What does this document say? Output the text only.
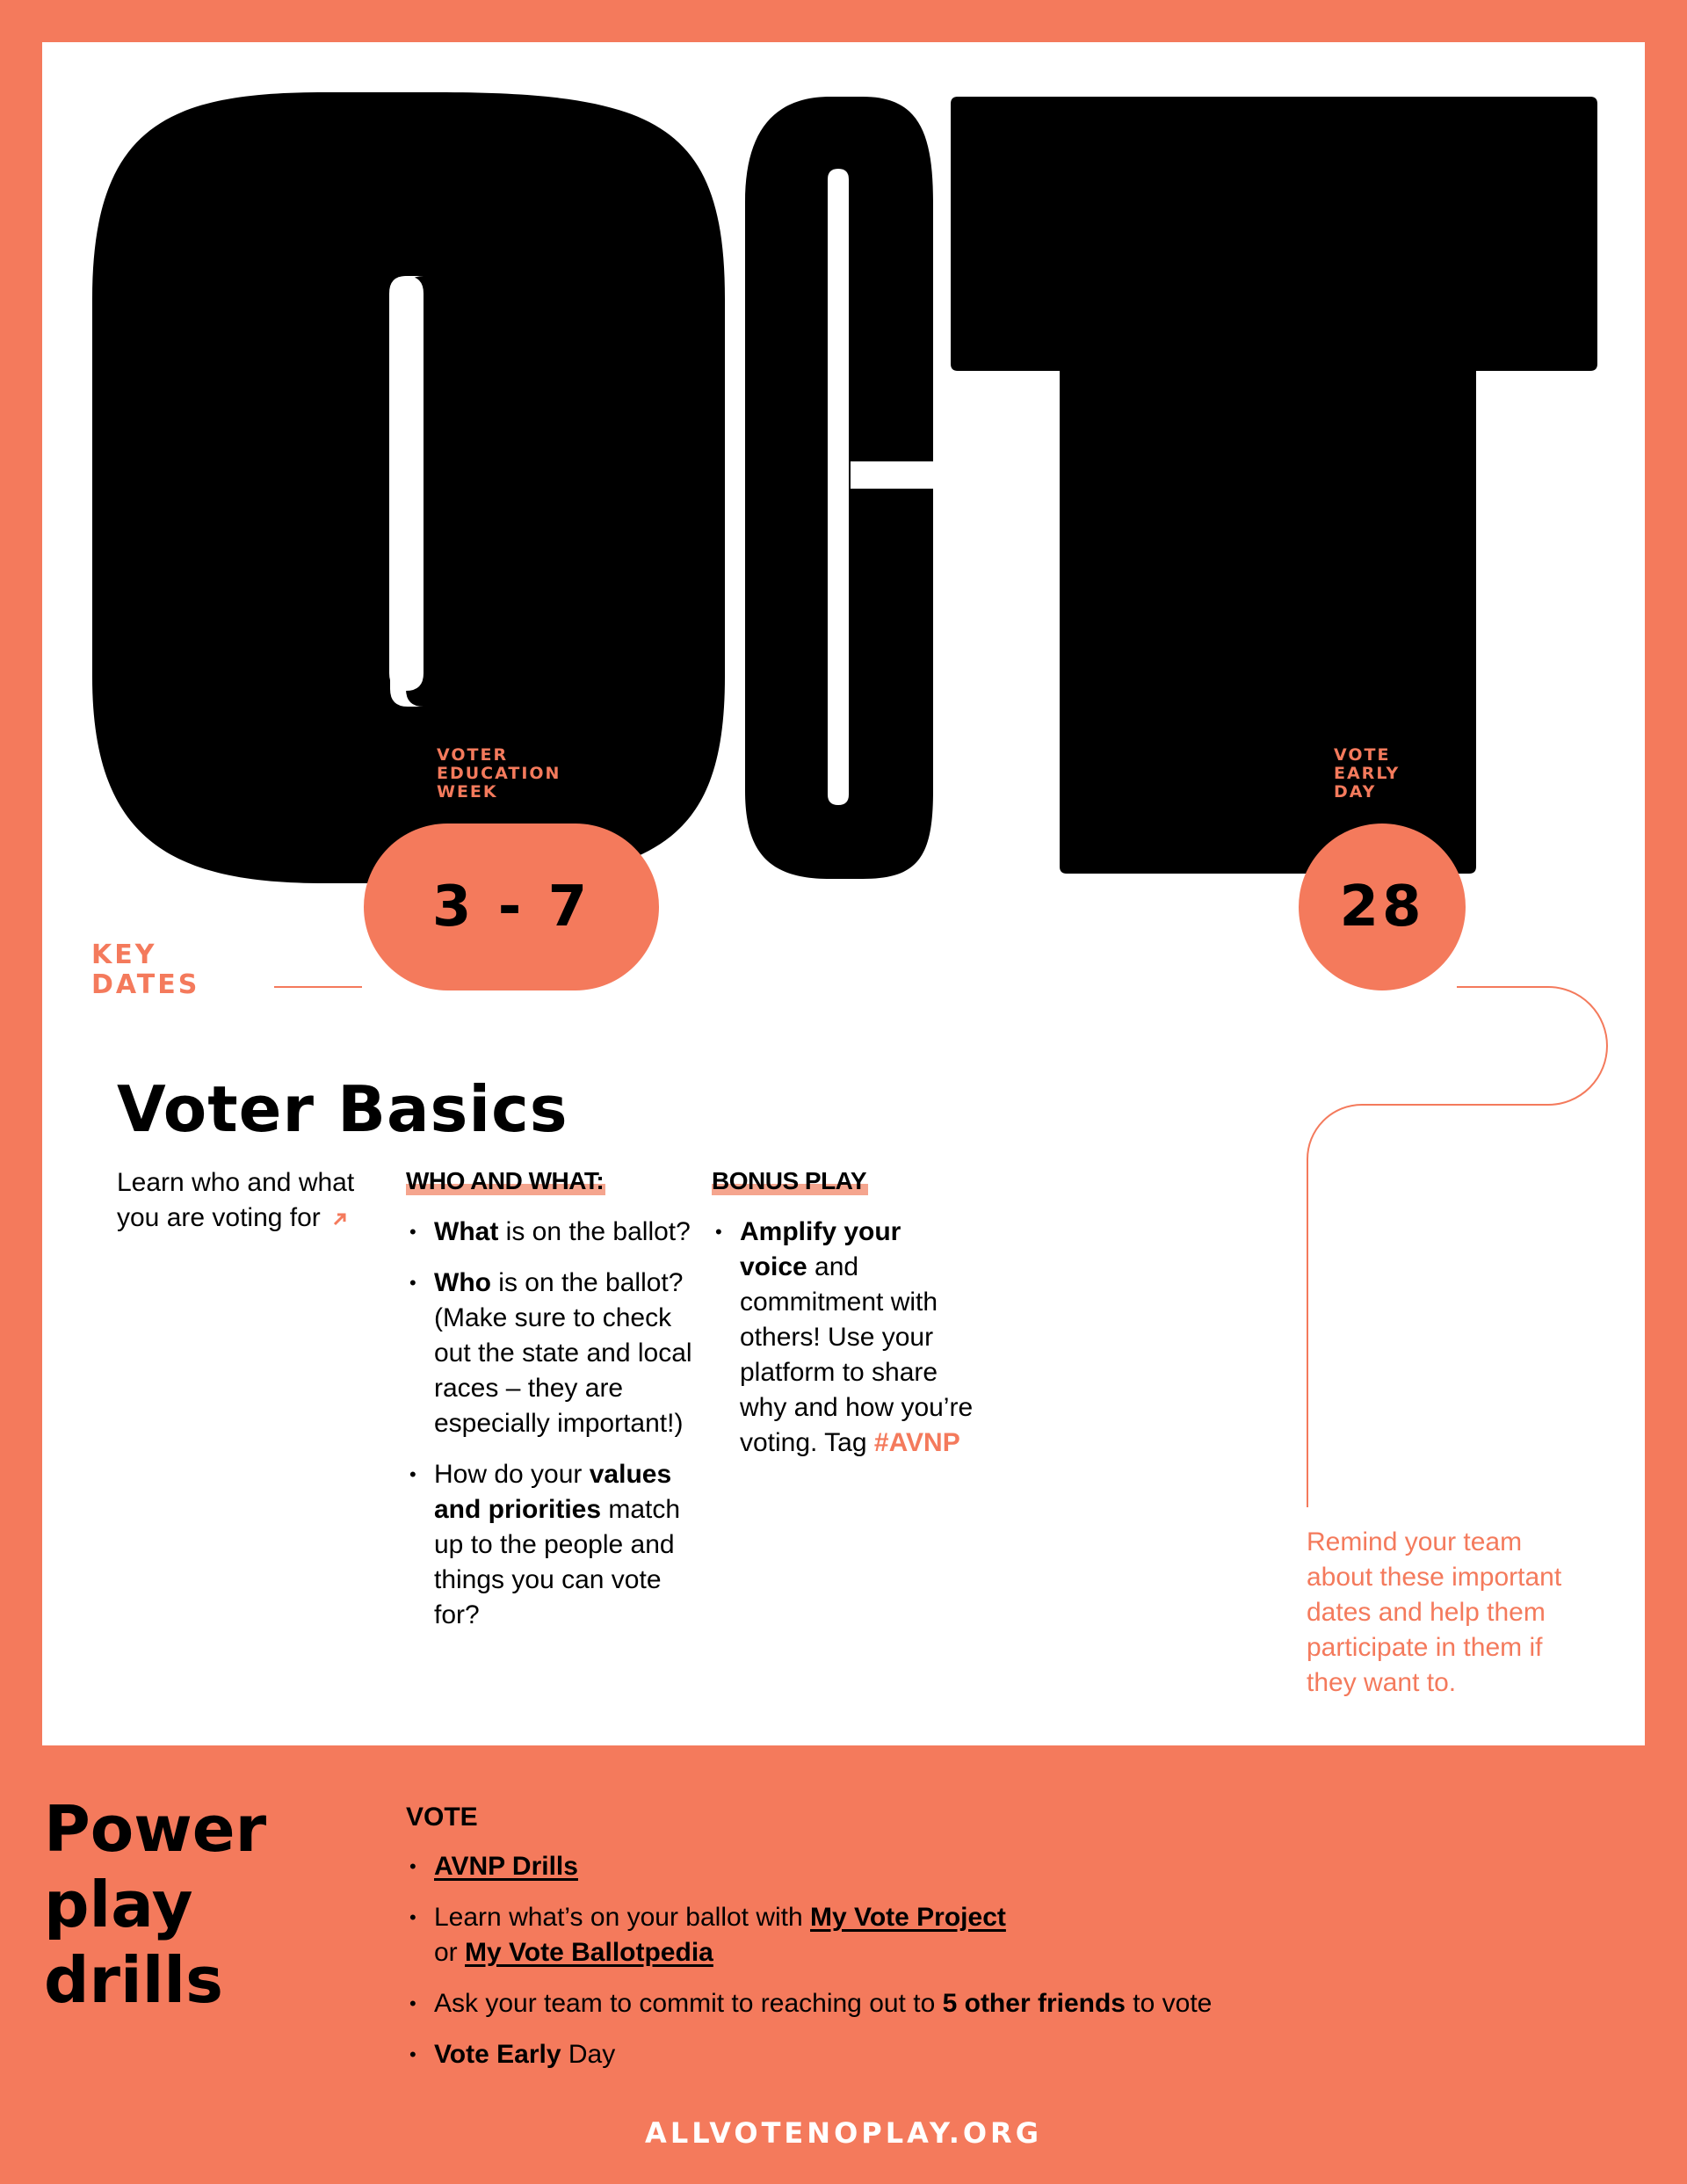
VOTER
EDUCATION
WEEK
VOTE
EARLY
DAY
3 - 7	28
KEY
DATES
Voter Basics
Learn who and what you are voting for
WHO AND WHAT:
• What is on the ballot?
• Who is on the ballot? (Make sure to check out the state and local races – they are especially important!)
• How do your values and priorities match up to the people and things you can vote for?
BONUS PLAY
• Amplify your voice and commitment with others! Use your platform to share why and how you’re voting. Tag #AVNP
Remind your team about these important dates and help them participate in them if they want to.
Power
play
drills
VOTE
• AVNP Drills
• Learn what’s on your ballot with My Vote Project
or My Vote Ballotpedia
• Ask your team to commit to reaching out to 5 other friends to vote
• Vote Early Day
ALLVOTENOPLAY.ORG
